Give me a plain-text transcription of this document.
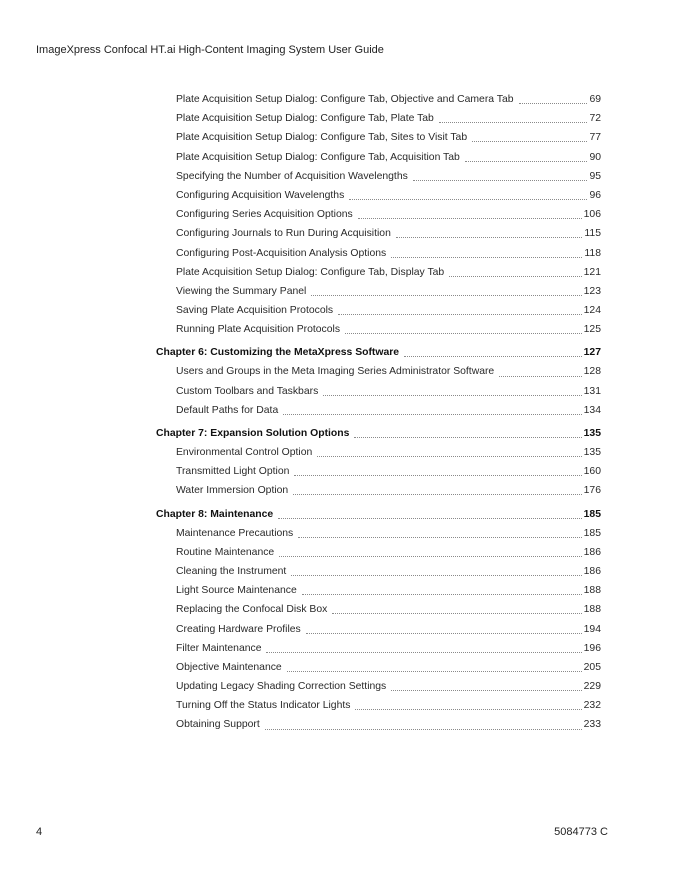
ImageXpress Confocal HT.ai High-Content Imaging System User Guide
Plate Acquisition Setup Dialog: Configure Tab, Objective and Camera Tab	69
Plate Acquisition Setup Dialog: Configure Tab, Plate Tab	72
Plate Acquisition Setup Dialog: Configure Tab, Sites to Visit Tab	77
Plate Acquisition Setup Dialog: Configure Tab, Acquisition Tab	90
Specifying the Number of Acquisition Wavelengths	95
Configuring Acquisition Wavelengths	96
Configuring Series Acquisition Options	106
Configuring Journals to Run During Acquisition	115
Configuring Post-Acquisition Analysis Options	118
Plate Acquisition Setup Dialog: Configure Tab, Display Tab	121
Viewing the Summary Panel	123
Saving Plate Acquisition Protocols	124
Running Plate Acquisition Protocols	125
Chapter 6: Customizing the MetaXpress Software	127
Users and Groups in the Meta Imaging Series Administrator Software	128
Custom Toolbars and Taskbars	131
Default Paths for Data	134
Chapter 7: Expansion Solution Options	135
Environmental Control Option	135
Transmitted Light Option	160
Water Immersion Option	176
Chapter 8: Maintenance	185
Maintenance Precautions	185
Routine Maintenance	186
Cleaning the Instrument	186
Light Source Maintenance	188
Replacing the Confocal Disk Box	188
Creating Hardware Profiles	194
Filter Maintenance	196
Objective Maintenance	205
Updating Legacy Shading Correction Settings	229
Turning Off the Status Indicator Lights	232
Obtaining Support	233
4	5084773 C
